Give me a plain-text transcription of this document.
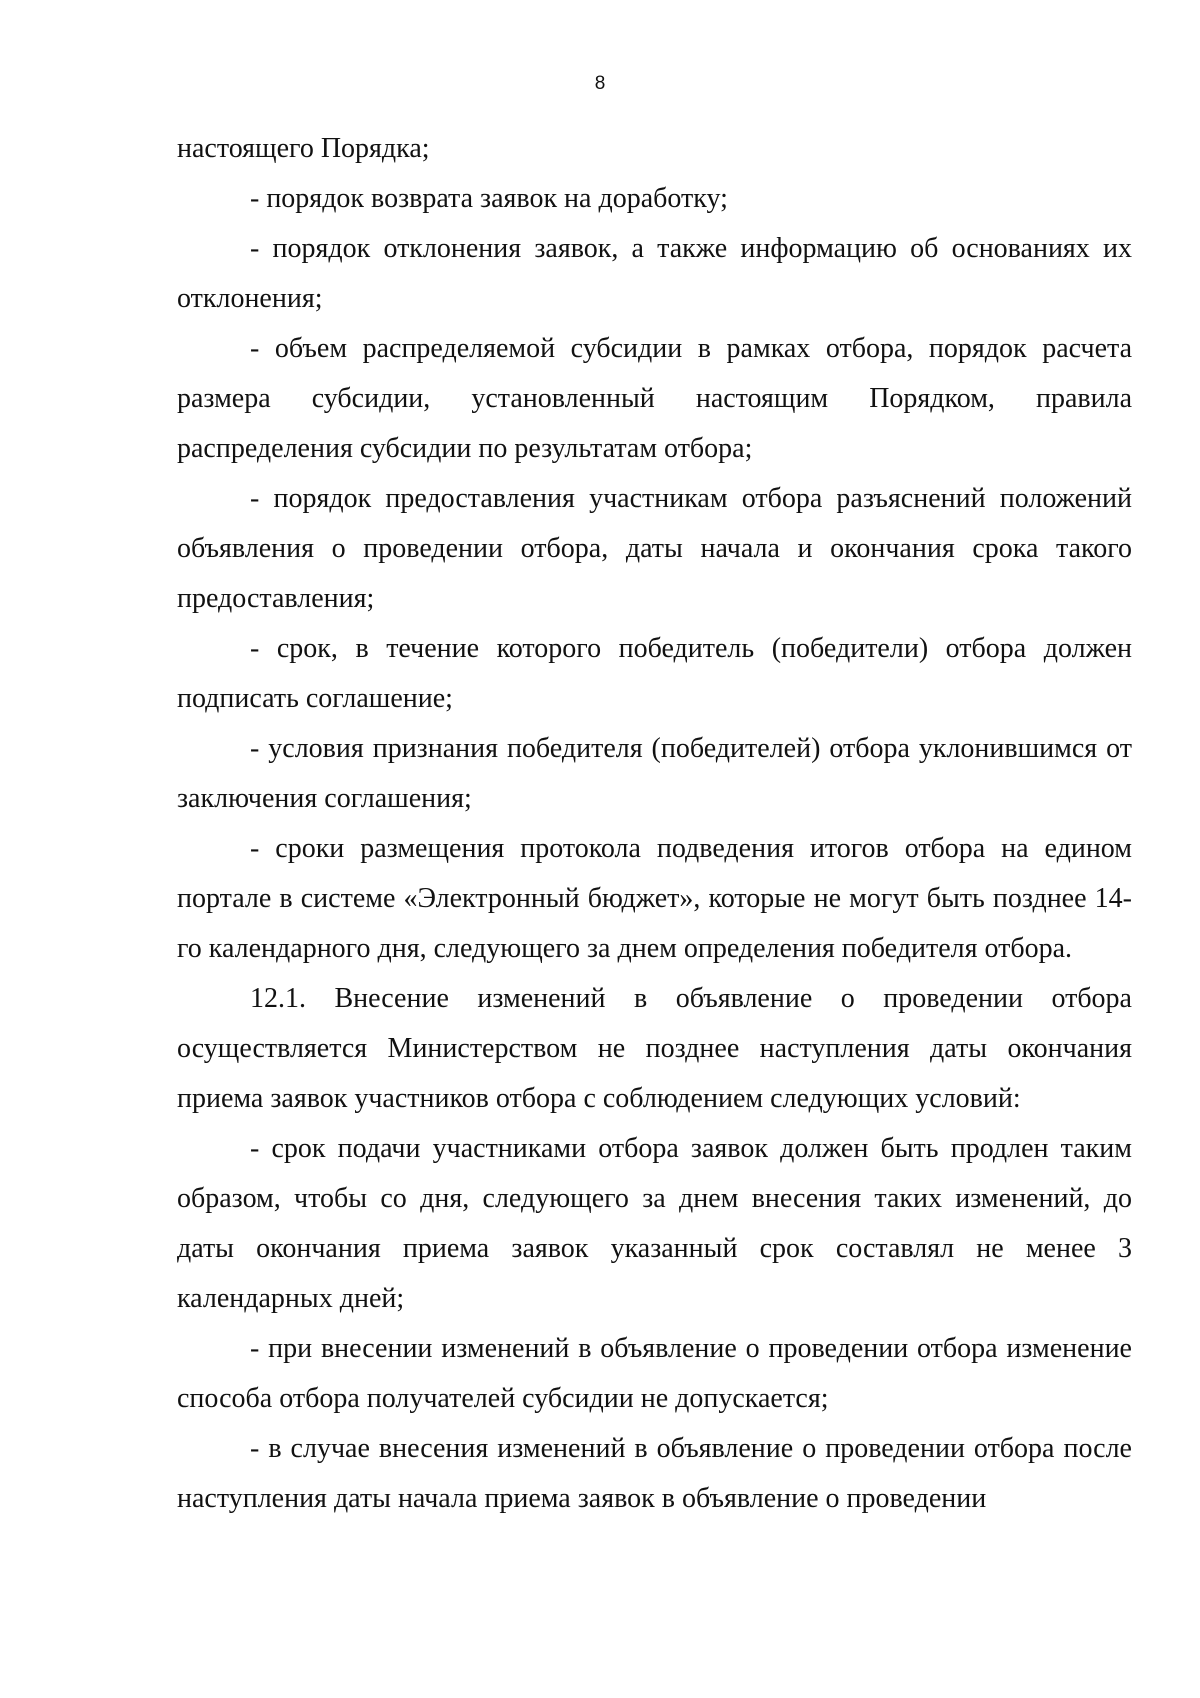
8

настоящего Порядка;

- порядок возврата заявок на доработку;

- порядок отклонения заявок, а также информацию об основаниях их отклонения;

- объем распределяемой субсидии в рамках отбора, порядок расчета размера субсидии, установленный настоящим Порядком, правила распределения субсидии по результатам отбора;

- порядок предоставления участникам отбора разъяснений положений объявления о проведении отбора, даты начала и окончания срока такого предоставления;

- срок, в течение которого победитель (победители) отбора должен подписать соглашение;

- условия признания победителя (победителей) отбора уклонившимся от заключения соглашения;

- сроки размещения протокола подведения итогов отбора на едином портале в системе «Электронный бюджет», которые не могут быть позднее 14-го календарного дня, следующего за днем определения победителя отбора.

12.1. Внесение изменений в объявление о проведении отбора осуществляется Министерством не позднее наступления даты окончания приема заявок участников отбора с соблюдением следующих условий:

- срок подачи участниками отбора заявок должен быть продлен таким образом, чтобы со дня, следующего за днем внесения таких изменений, до даты окончания приема заявок указанный срок составлял не менее 3 календарных дней;

- при внесении изменений в объявление о проведении отбора изменение способа отбора получателей субсидии не допускается;

- в случае внесения изменений в объявление о проведении отбора после наступления даты начала приема заявок в объявление о проведении
